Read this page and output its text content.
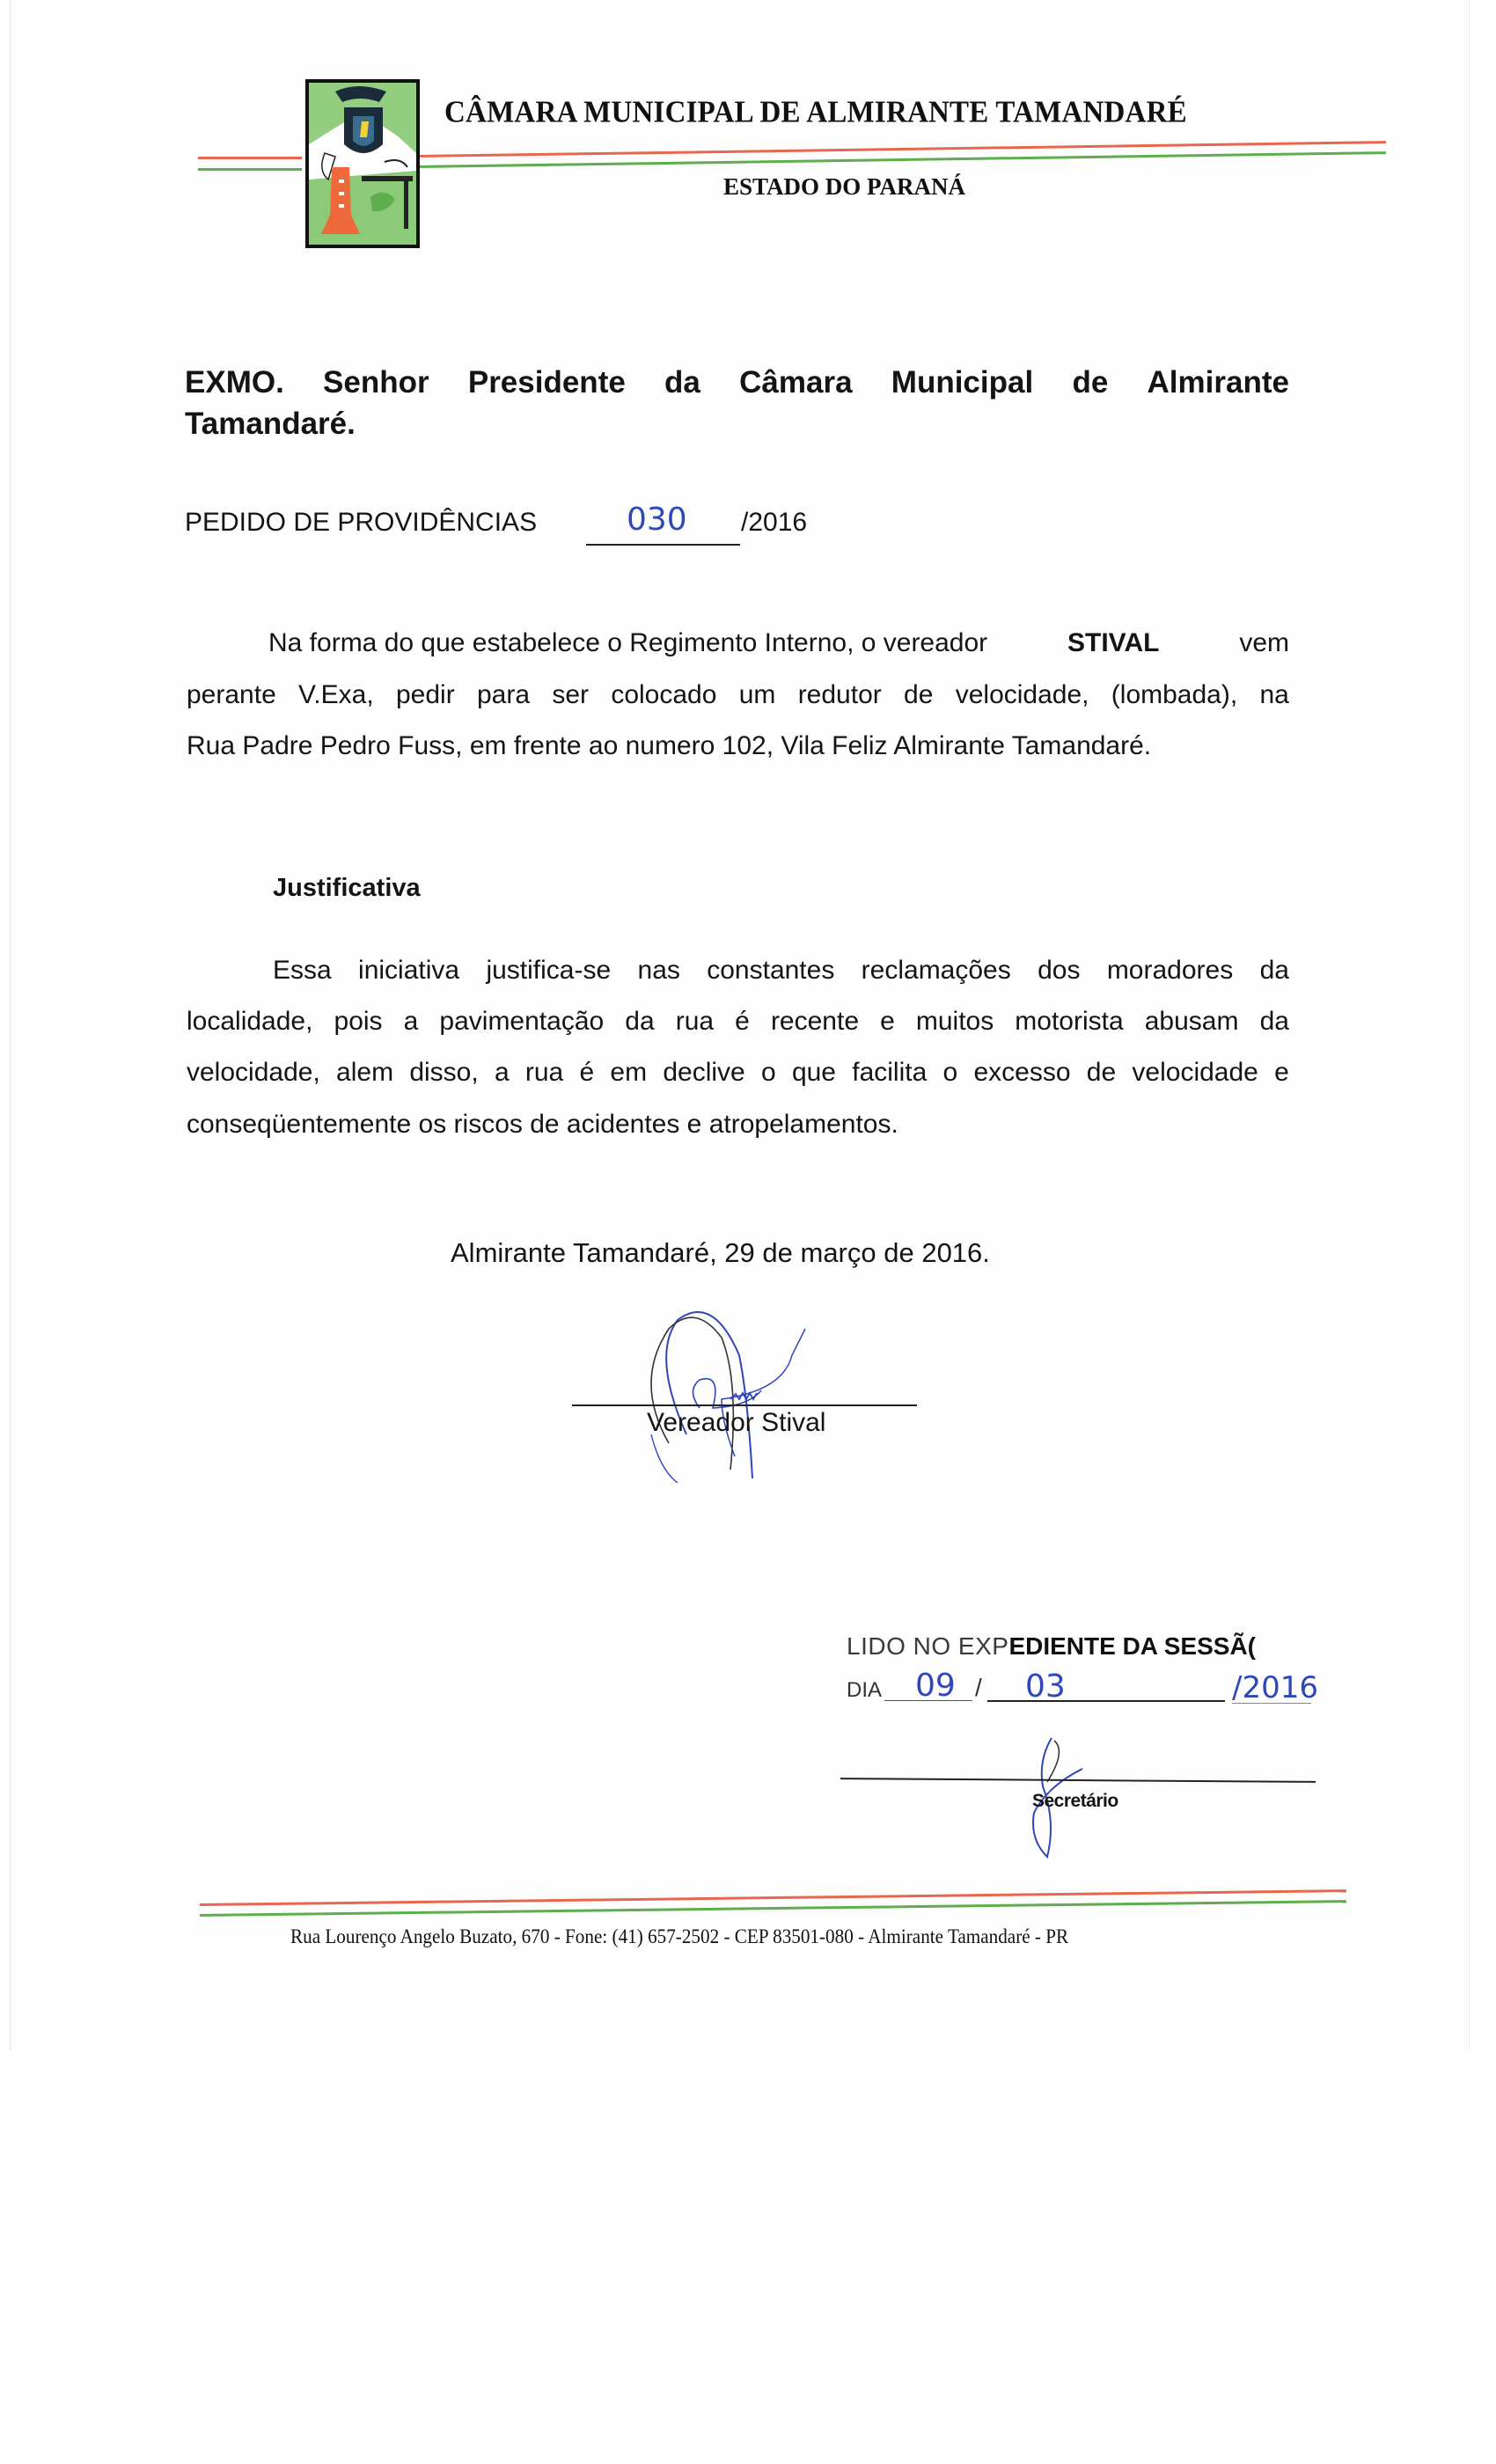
CÂMARA MUNICIPAL DE ALMIRANTE TAMANDARÉ
ESTADO DO PARANÁ
EXMO. Senhor Presidente da Câmara Municipal de Almirante
Tamandaré.
PEDIDO DE PROVIDÊNCIAS	030 /2016
Na forma do que estabelece o Regimento Interno, o vereador	STIVAL	vem
perante V.Exa, pedir para ser colocado um redutor de velocidade, (lombada), na
Rua Padre Pedro Fuss, em frente ao numero 102, Vila Feliz Almirante Tamandaré.
Justificativa
Essa iniciativa justifica-se nas constantes reclamações dos moradores da
localidade, pois a pavimentação da rua é recente e muitos motorista abusam da
velocidade, alem disso, a rua é em declive o que facilita o excesso de velocidade e
conseqüentemente os riscos de acidentes e atropelamentos.
Almirante Tamandaré, 29 de março de 2016.
Vereador Stival
LIDO NO EXPEDIENTE DA SESSÃ(
DIA 09 / 03	/2016
Secretário
Rua Lourenço Angelo Buzato, 670 - Fone: (41) 657-2502 - CEP 83501-080 - Almirante Tamandaré - PR
